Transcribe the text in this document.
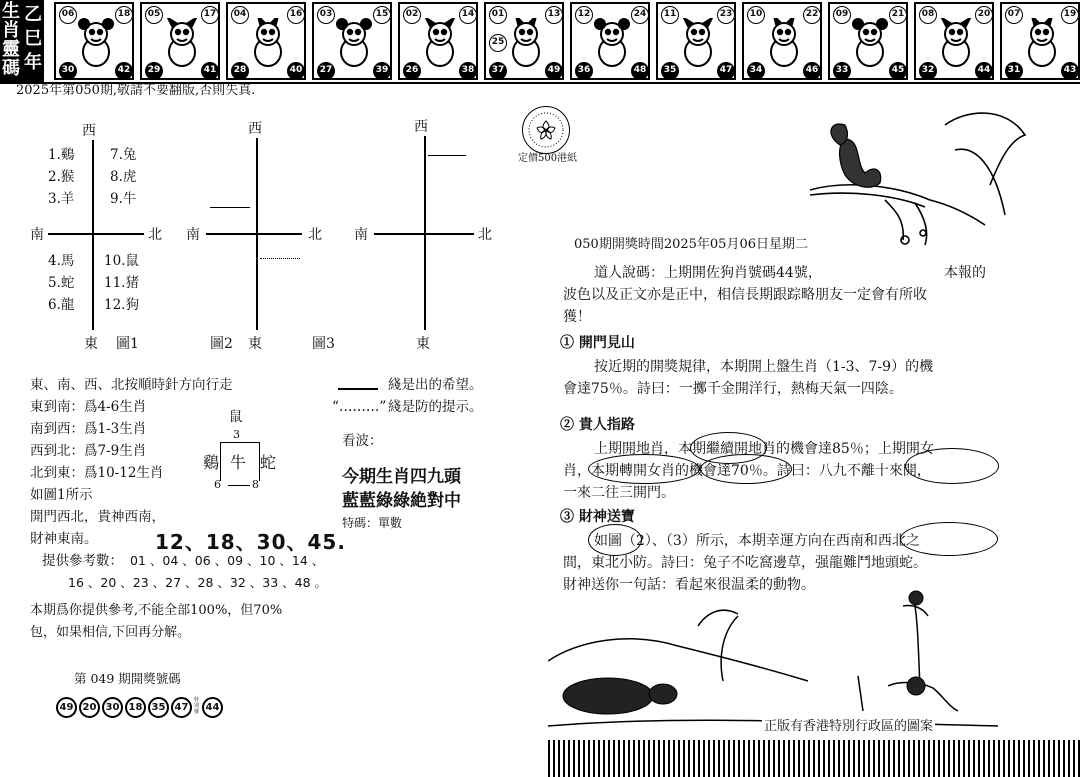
生
肖
靈
碼
乙
巳
年
06	18
30	42
05	17
29	41
04	16
28	40
03	15
27	39
02	14
26	38
01	13
37	49
25
12	24
36	48
11	23
35	47
10	22
34	46
09	21
33	45
08	20
32	44
07	19
31	43
2025年第050期,敬請不要翻版,否則失真.
西
南	北
東 圖1
1.鷄
2.猴
3.羊
7.兔
8.虎
9.牛
4.馬
5.蛇
6.龍
10.鼠
11.猪
12.狗
西
南	北
圖2 東	圖3
西
南	北
東
東、南、西、北按順時針方向行走
東到南：爲4-6生肖
南到西：爲1-3生肖
西到北：爲7-9生肖
北到東：爲10-12生肖
如圖1所示
開門西北，貴神西南，
財神東南。
鼠
3
鷄 牛 蛇
6	8
綫是出的希望。
“………” 綫是防的提示。
看波：
今期生肖四九頭
藍藍綠綠絶對中
特碼：單數
12、18、30、45.
提供參考數： 01 、04 、06 、09 、10 、14 、
16 、20 、23 、27 、28 、32 、33 、48 。
本期爲你提供參考,不能全部100%，但70%
包，如果相信,下回再分解。
第 049 期開獎號碼
49 20 30 18 35 47特別號 44
定價500港紙
050期開獎時間2025年05月06日星期二
道人說碼：上期開佐狗肖號碼44號，	本報的
波色以及正文亦是正中，相信長期跟踪略朋友一定會有所收
獲！
① 開門見山
按近期的開獎規律，本期開上盤生肖（1-3、7-9）的機
會達75％。詩曰：一擲千金開洋行，熱梅天氣一四陰。
② 貴人指路
上期開地肖，本期繼續開地肖的機會達85％；上期開女
肖，本期轉開女肖的機會達70％。詩曰：八九不離十來開，
一來二往三開門。
③ 財神送寶
如圖（2）、（3）所示，本期幸運方向在西南和西北之
間，東北小防。詩曰：兔子不吃窩邊草，强龍難鬥地頭蛇。
財神送你一句話：看起來很温柔的動物。
正版有香港特別行政區的圖案
